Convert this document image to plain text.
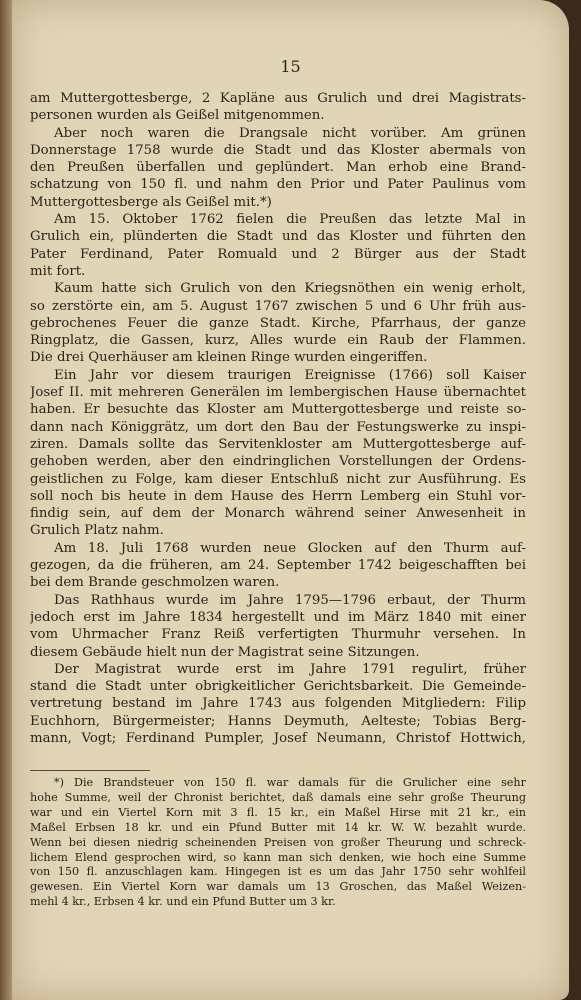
15
am Muttergottesberge, 2 Kapläne aus Grulich und drei Magistrats-
personen wurden als Geißel mitgenommen.
Aber noch waren die Drangsale nicht vorüber. Am grünen
Donnerstage 1758 wurde die Stadt und das Kloster abermals von
den Preußen überfallen und geplündert. Man erhob eine Brand-
schatzung von 150 fl. und nahm den Prior und Pater Paulinus vom
Muttergottesberge als Geißel mit.*)
Am 15. Oktober 1762 fielen die Preußen das letzte Mal in
Grulich ein, plünderten die Stadt und das Kloster und führten den
Pater Ferdinand, Pater Romuald und 2 Bürger aus der Stadt
mit fort.
Kaum hatte sich Grulich von den Kriegsnöthen ein wenig erholt,
so zerstörte ein, am 5. August 1767 zwischen 5 und 6 Uhr früh aus-
gebrochenes Feuer die ganze Stadt. Kirche, Pfarrhaus, der ganze
Ringplatz, die Gassen, kurz, Alles wurde ein Raub der Flammen.
Die drei Querhäuser am kleinen Ringe wurden eingeriffen.
Ein Jahr vor diesem traurigen Ereignisse (1766) soll Kaiser
Josef II. mit mehreren Generälen im lembergischen Hause übernachtet
haben. Er besuchte das Kloster am Muttergottesberge und reiste so-
dann nach Königgrätz, um dort den Bau der Festungswerke zu inspi-
ziren. Damals sollte das Servitenkloster am Muttergottesberge auf-
gehoben werden, aber den eindringlichen Vorstellungen der Ordens-
geistlichen zu Folge, kam dieser Entschluß nicht zur Ausführung. Es
soll noch bis heute in dem Hause des Herrn Lemberg ein Stuhl vor-
findig sein, auf dem der Monarch während seiner Anwesenheit in
Grulich Platz nahm.
Am 18. Juli 1768 wurden neue Glocken auf den Thurm auf-
gezogen, da die früheren, am 24. September 1742 beigeschafften bei
bei dem Brande geschmolzen waren.
Das Rathhaus wurde im Jahre 1795—1796 erbaut, der Thurm
jedoch erst im Jahre 1834 hergestellt und im März 1840 mit einer
vom Uhrmacher Franz Reiß verfertigten Thurmuhr versehen. In
diesem Gebäude hielt nun der Magistrat seine Sitzungen.
Der Magistrat wurde erst im Jahre 1791 regulirt, früher
stand die Stadt unter obrigkeitlicher Gerichtsbarkeit. Die Gemeinde-
vertretung bestand im Jahre 1743 aus folgenden Mitgliedern: Filip
Euchhorn, Bürgermeister; Hanns Deymuth, Aelteste; Tobias Berg-
mann, Vogt; Ferdinand Pumpler, Josef Neumann, Christof Hottwich,
*) Die Brandsteuer von 150 fl. war damals für die Grulicher eine sehr
hohe Summe, weil der Chronist berichtet, daß damals eine sehr große Theurung
war und ein Viertel Korn mit 3 fl. 15 kr., ein Maßel Hirse mit 21 kr., ein
Maßel Erbsen 18 kr. und ein Pfund Butter mit 14 kr. W. W. bezahlt wurde.
Wenn bei diesen niedrig scheinenden Preisen von großer Theurung und schreck-
lichem Elend gesprochen wird, so kann man sich denken, wie hoch eine Summe
von 150 fl. anzuschlagen kam. Hingegen ist es um das Jahr 1750 sehr wohlfeil
gewesen. Ein Viertel Korn war damals um 13 Groschen, das Maßel Weizen-
mehl 4 kr., Erbsen 4 kr. und ein Pfund Butter um 3 kr.
